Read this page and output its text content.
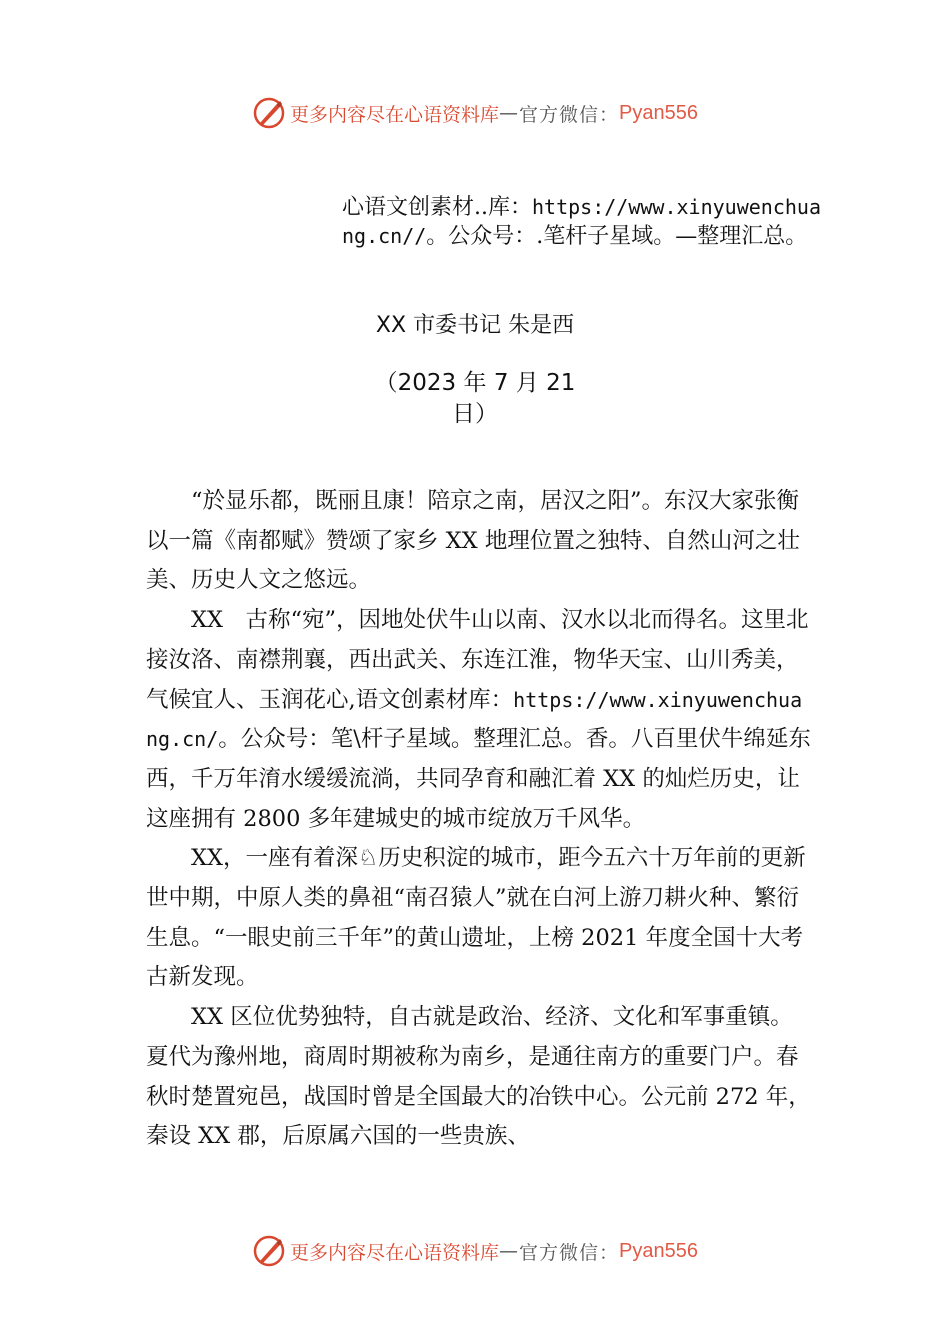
更多内容尽在心语资料库 — 官方微信： Pyan556
心语文创素材..库：https://www.xinyuwenchuang.cn//。公众号：.笔杆子星域。—整理汇总。
XX 市委书记 朱是西
（2023 年 7 月 21
日）

“於显乐都，既丽且康！陪京之南，居汉之阳”。东汉大家张衡以一篇《南都赋》赞颂了家乡 XX 地理位置之独特、自然山河之壮美、历史人文之悠远。

XX　古称“宛”，因地处伏牛山以南、汉水以北而得名。这里北接汝洛、南襟荆襄，西出武关、东连江淮，物华天宝、山川秀美，气候宜人、玉润花心,语文创素材库：https://www.xinyuwenchuang.cn/。公众号：笔\杆子星域。整理汇总。香。八百里伏牛绵延东西，千万年淯水缓缓流淌，共同孕育和融汇着 XX 的灿烂历史，让这座拥有 2800 多年建城史的城市绽放万千风华。

XX，一座有着深♘历史积淀的城市，距今五六十万年前的更新世中期，中原人类的鼻祖“南召猿人”就在白河上游刀耕火种、繁衍生息。“一眼史前三千年”的黄山遗址，上榜 2021 年度全国十大考古新发现。

XX 区位优势独特，自古就是政治、经济、文化和军事重镇。夏代为豫州地，商周时期被称为南乡，是通往南方的重要门户。春秋时楚置宛邑，战国时曾是全国最大的冶铁中心。公元前 272 年，秦设 XX 郡，后原属六国的一些贵族、

更多内容尽在心语资料库 — 官方微信： Pyan556
